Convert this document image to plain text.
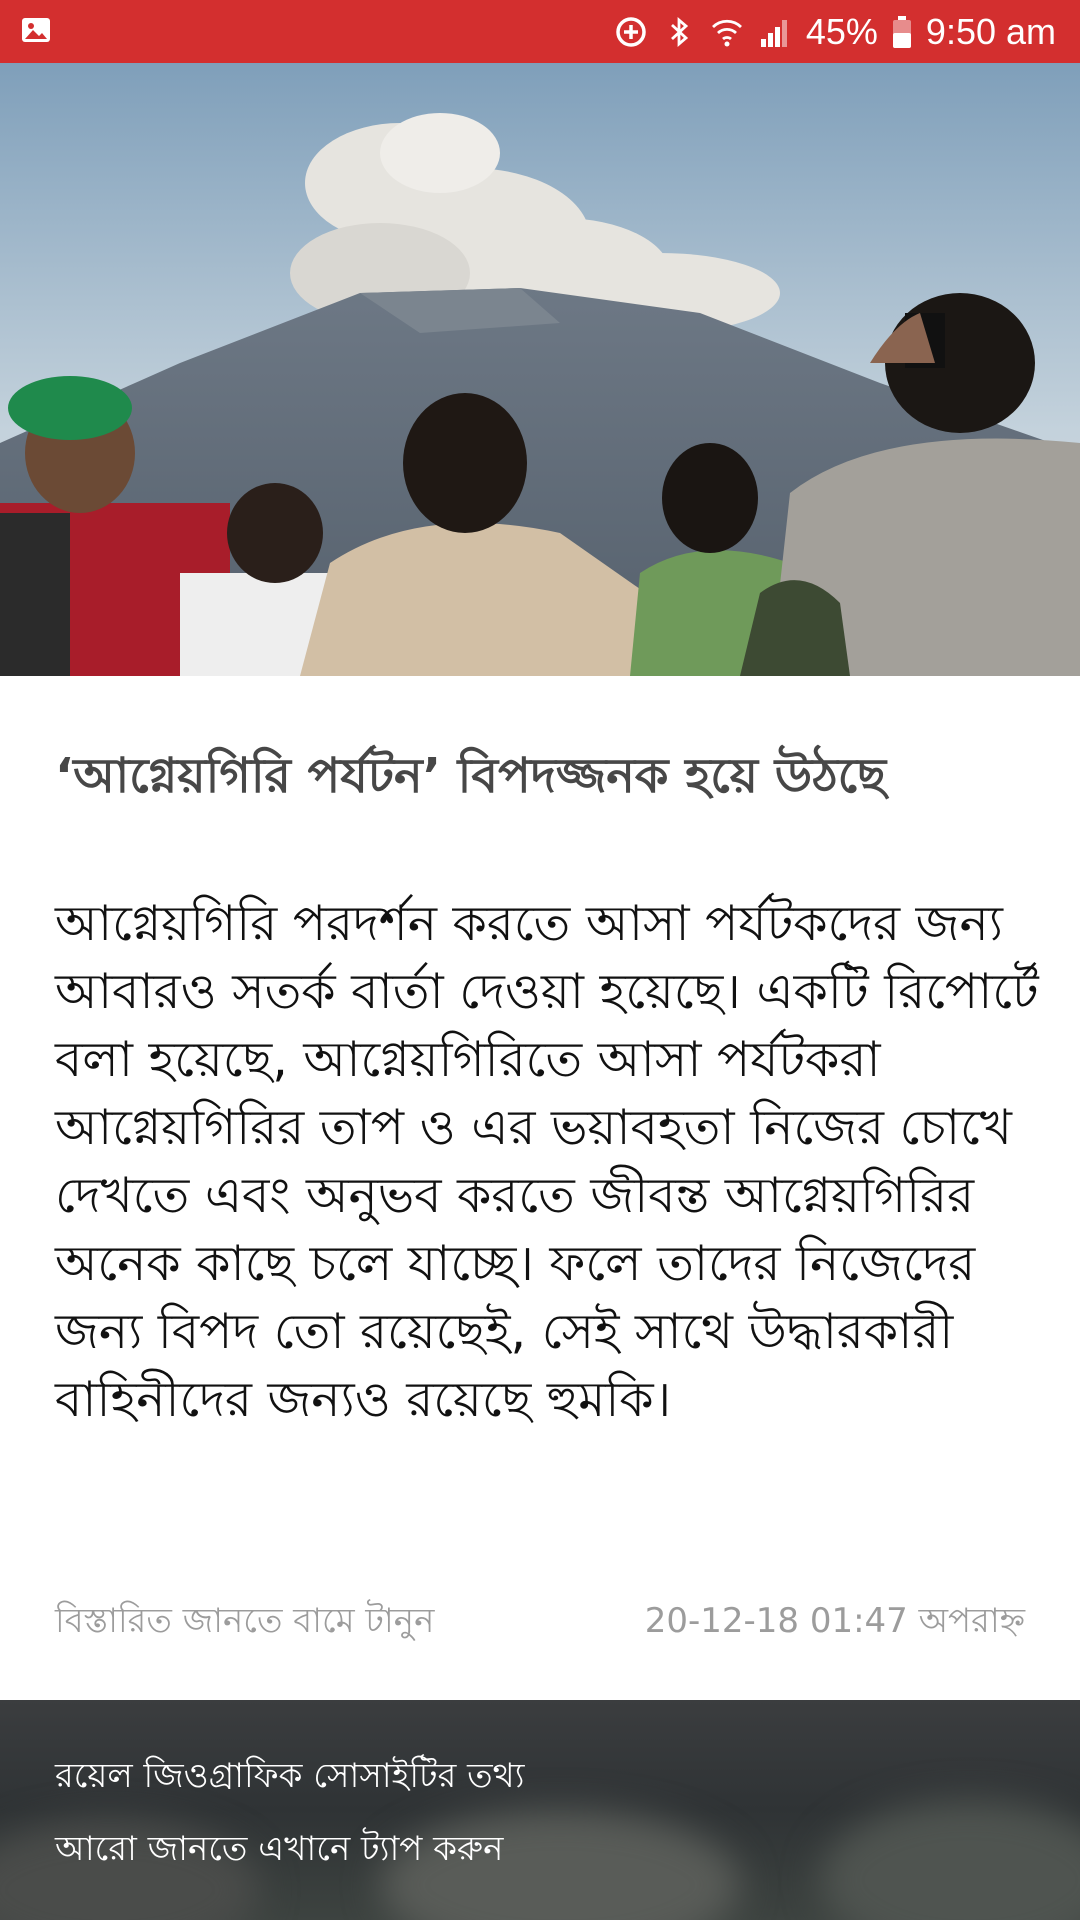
45% 9:50 am
‘আগ্নেয়গিরি পর্যটন’ বিপদজ্জনক হয়ে উঠছে

আগ্নেয়গিরি পরদর্শন করতে আসা পর্যটকদের জন্য আবারও সতর্ক বার্তা দেওয়া হয়েছে। একটি রিপোর্টে বলা হয়েছে, আগ্নেয়গিরিতে আসা পর্যটকরা আগ্নেয়গিরির তাপ ও এর ভয়াবহতা নিজের চোখে দেখতে এবং অনুভব করতে জীবন্ত আগ্নেয়গিরির অনেক কাছে চলে যাচ্ছে। ফলে তাদের নিজেদের জন্য বিপদ তো রয়েছেই, সেই সাথে উদ্ধারকারী বাহিনীদের জন্যও রয়েছে হুমকি।

বিস্তারিত জানতে বামে টানুন	20-12-18 01:47 অপরাহ্ন
রয়েল জিওগ্রাফিক সোসাইটির তথ্য
আরো জানতে এখানে ট্যাপ করুন
